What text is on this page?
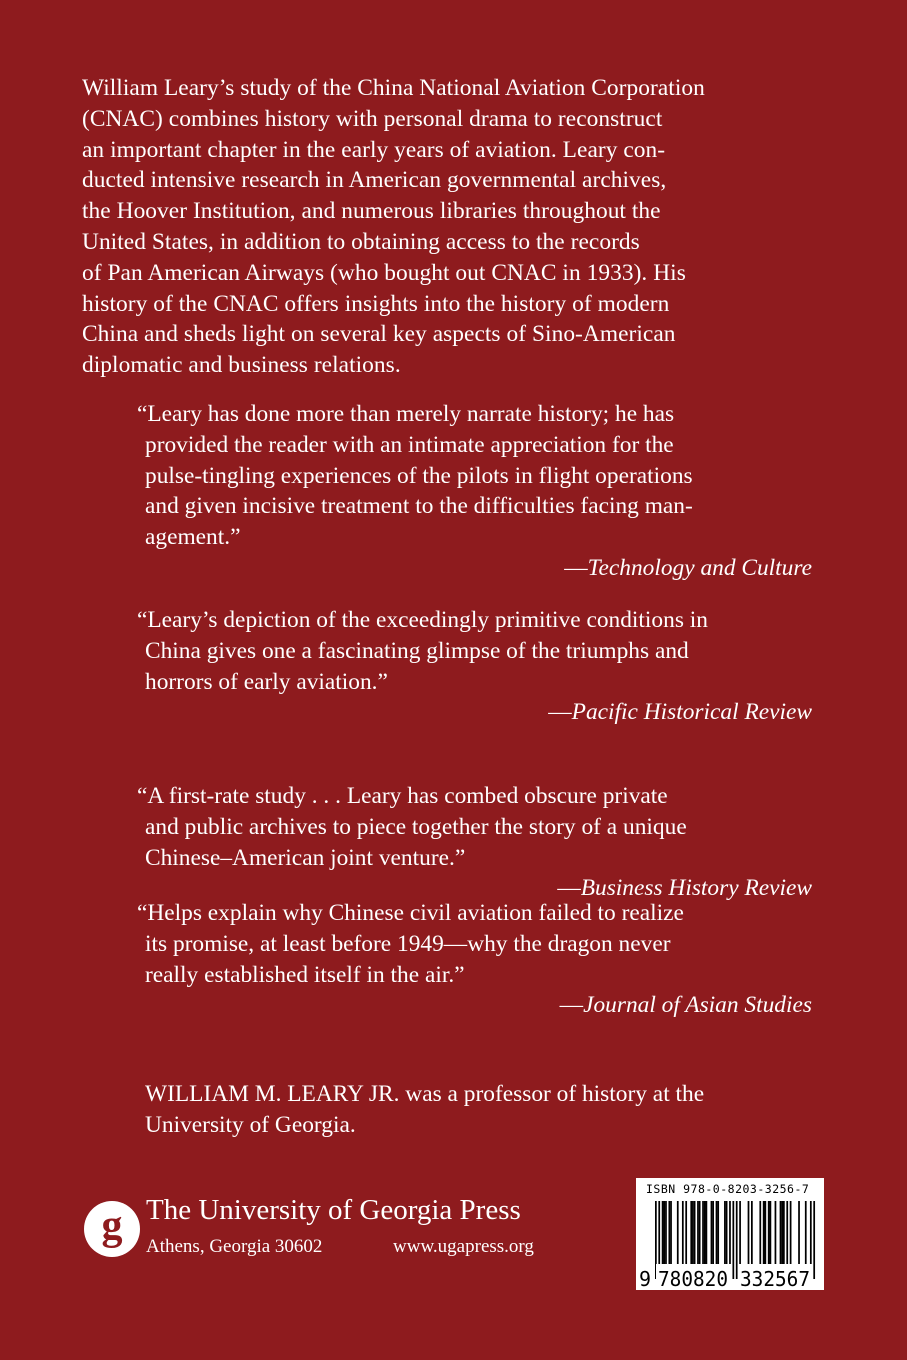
William Leary’s study of the China National Aviation Corporation
(CNAC) combines history with personal drama to reconstruct
an important chapter in the early years of aviation. Leary con-
ducted intensive research in American governmental archives,
the Hoover Institution, and numerous libraries throughout the
United States, in addition to obtaining access to the records
of Pan American Airways (who bought out CNAC in 1933). His
history of the CNAC offers insights into the history of modern
China and sheds light on several key aspects of Sino-American
diplomatic and business relations.

“Leary has done more than merely narrate history; he has
provided the reader with an intimate appreciation for the
pulse-tingling experiences of the pilots in flight operations
and given incisive treatment to the difficulties facing man-
agement.”
—Technology and Culture
“Leary’s depiction of the exceedingly primitive conditions in
China gives one a fascinating glimpse of the triumphs and
horrors of early aviation.”
—Pacific Historical Review
“A first-rate study . . . Leary has combed obscure private
and public archives to piece together the story of a unique
Chinese–American joint venture.”
—Business History Review
“Helps explain why Chinese civil aviation failed to realize
its promise, at least before 1949—why the dragon never
really established itself in the air.”
—Journal of Asian Studies

WILLIAM M. LEARY JR. was a professor of history at the
University of Georgia.

g The University of Georgia Press
Athens, Georgia 30602	www.ugapress.org
ISBN 978-0-8203-3256-7
9 780820 332567
